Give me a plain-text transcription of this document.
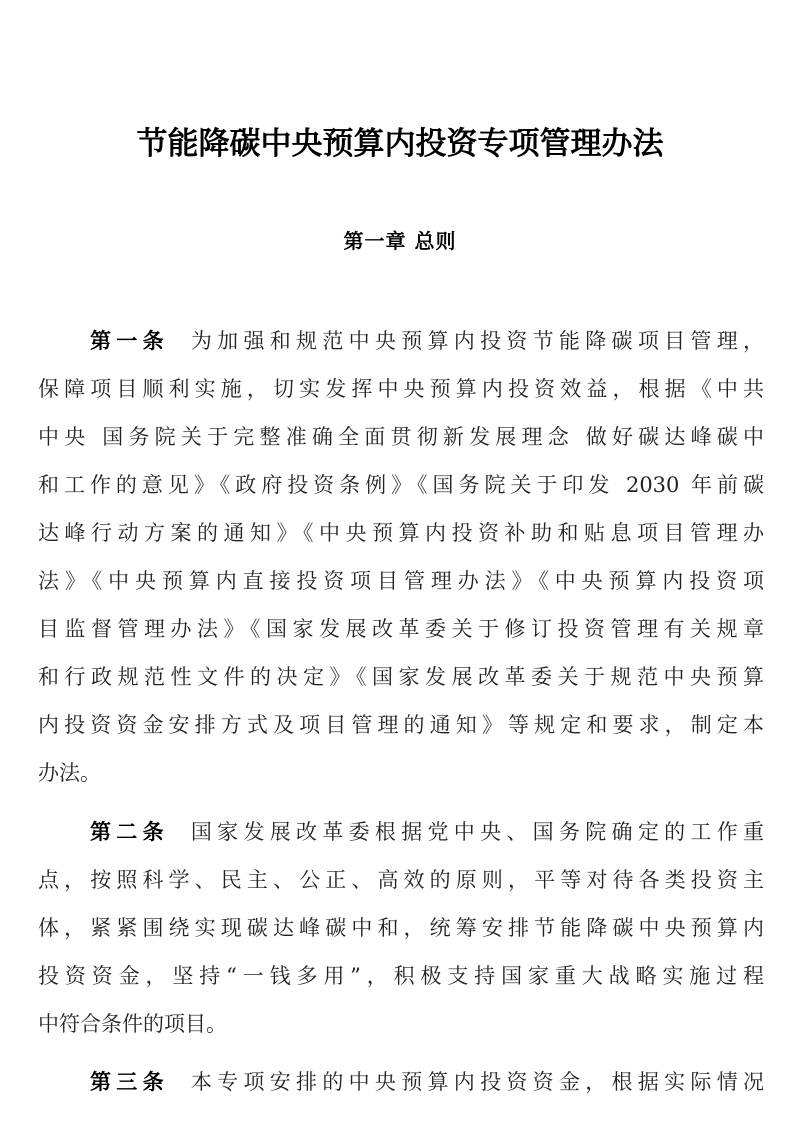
节能降碳中央预算内投资专项管理办法
第一章 总则
第一条 为加强和规范中央预算内投资节能降碳项目管理，
保障项目顺利实施，切实发挥中央预算内投资效益，根据《中共
中央 国务院关于完整准确全面贯彻新发展理念 做好碳达峰碳中
和工作的意见》《政府投资条例》《国务院关于印发 2030 年前碳
达峰行动方案的通知》《中央预算内投资补助和贴息项目管理办
法》《中央预算内直接投资项目管理办法》《中央预算内投资项
目监督管理办法》《国家发展改革委关于修订投资管理有关规章
和行政规范性文件的决定》《国家发展改革委关于规范中央预算
内投资资金安排方式及项目管理的通知》等规定和要求，制定本
办法。
第二条 国家发展改革委根据党中央、国务院确定的工作重
点，按照科学、民主、公正、高效的原则，平等对待各类投资主
体，紧紧围绕实现碳达峰碳中和，统筹安排节能降碳中央预算内
投资资金，坚持“一钱多用”，积极支持国家重大战略实施过程
中符合条件的项目。
第三条 本专项安排的中央预算内投资资金，根据实际情况
